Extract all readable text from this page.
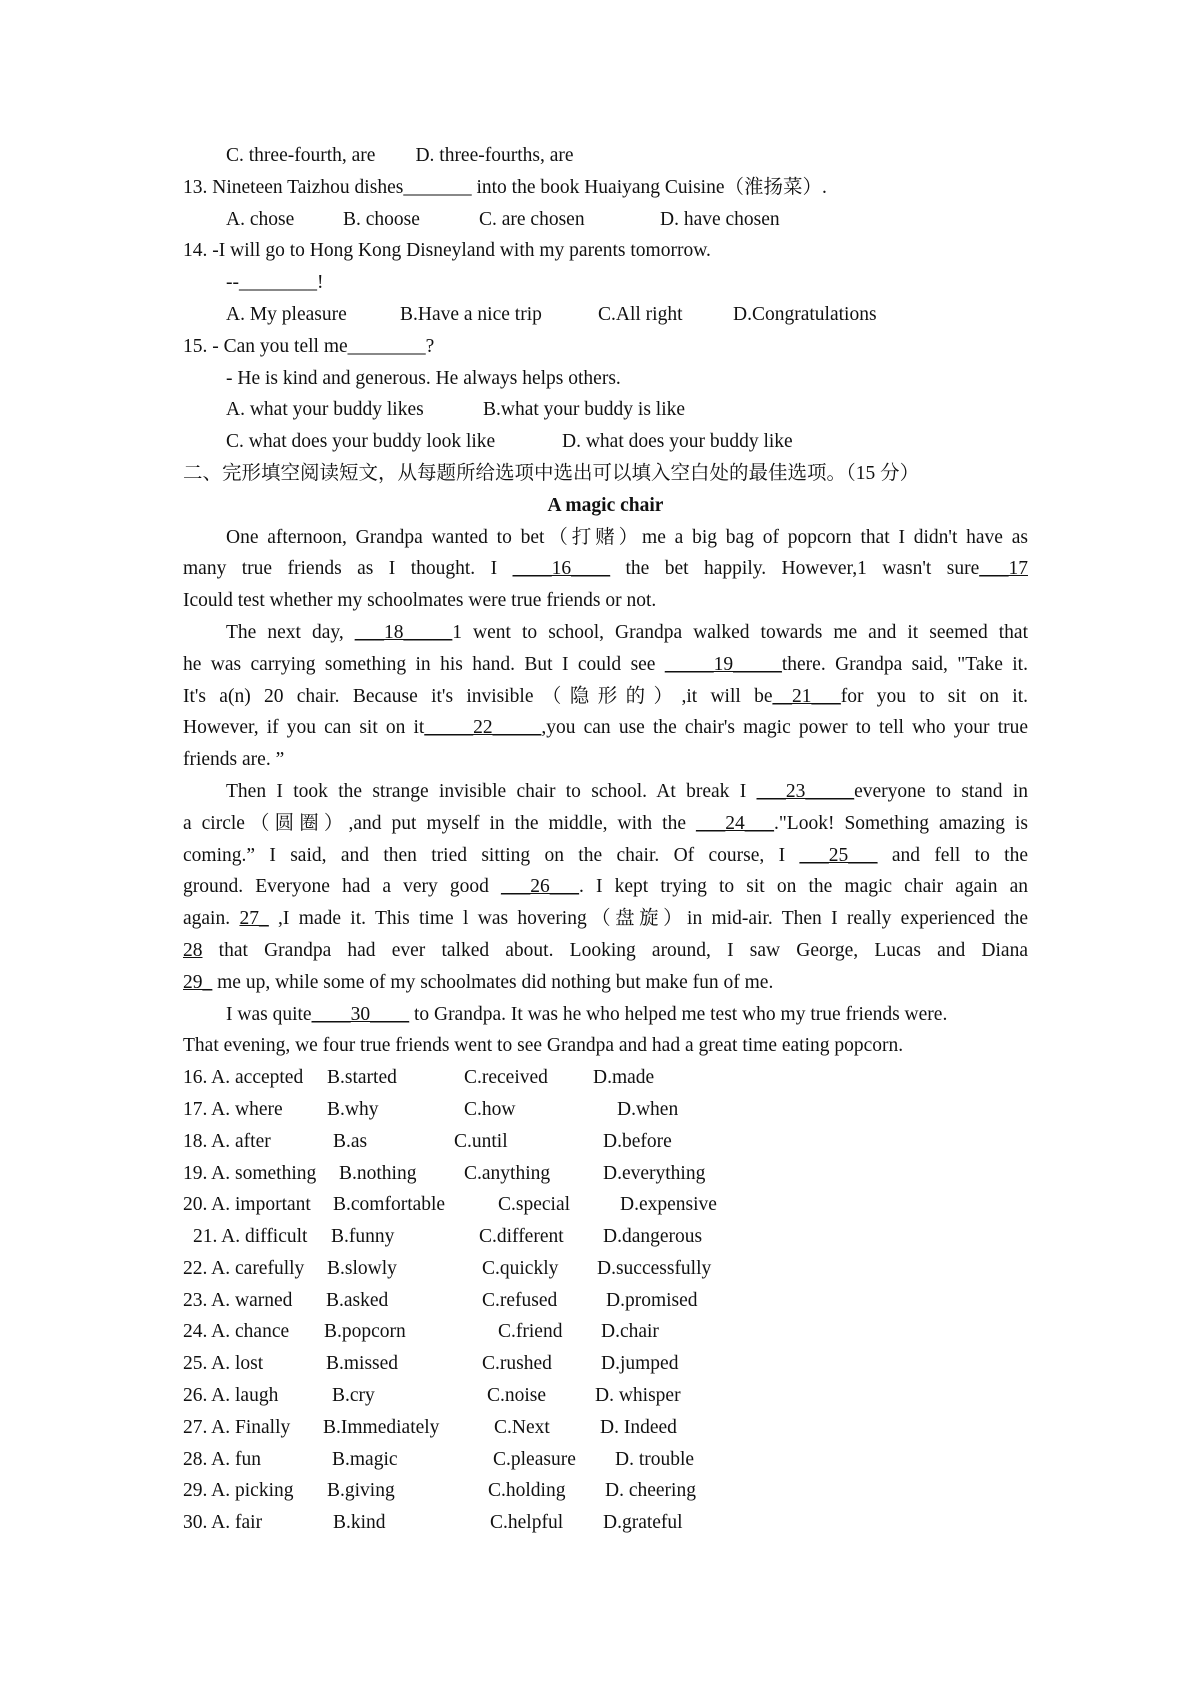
C. three-fourth, are D. three-fourths, are
13. Nineteen Taizhou dishes_______ into the book Huaiyang Cuisine（淮扬菜）.
A. chose	B. choose	C. are chosen	D. have chosen
14. -I will go to Hong Kong Disneyland with my parents tomorrow.
--________!
A. My pleasure	B.Have a nice trip	C.All right	D.Congratulations
15. - Can you tell me________?
- He is kind and generous. He always helps others.
A. what your buddy likes	B.what your buddy is like
C. what does your buddy look like	D. what does your buddy like
二、完形填空阅读短文，从每题所给选项中选出可以填入空白处的最佳选项。（15 分）
A magic chair
One afternoon, Grandpa wanted to bet（打赌）me a big bag of popcorn that I didn't have as
many true friends as I thought. I ____16____ the bet happily. However,1 wasn't sure___17
Icould test whether my schoolmates were true friends or not.
The next day, ___18_____1 went to school, Grandpa walked towards me and it seemed that
he was carrying something in his hand. But I could see _____19_____there. Grandpa said, "Take it.
It's a(n) 20 chair. Because it's invisible（隐形的）,it will be__21___for you to sit on it.
However, if you can sit on it_____22_____,you can use the chair's magic power to tell who your true
friends are. ”
Then I took the strange invisible chair to school. At break I ___23_____everyone to stand in
a circle（圆圈）,and put myself in the middle, with the ___24___."Look! Something amazing is
coming.” I said, and then tried sitting on the chair. Of course, I ___25___ and fell to the
ground. Everyone had a very good ___26___. I kept trying to sit on the magic chair again an
again. 27_ ,I made it. This time l was hovering（盘旋）in mid-air. Then I really experienced the
28 that Grandpa had ever talked about. Looking around, I saw George, Lucas and Diana
29_ me up, while some of my schoolmates did nothing but make fun of me.
I was quite____30____ to Grandpa. It was he who helped me test who my true friends were.
That evening, we four true friends went to see Grandpa and had a great time eating popcorn.
16. A. accepted B.started	C.received D.made
17. A. where B.why	C.how	D.when
18. A. after	B.as	C.until	D.before
19. A. something B.nothing C.anything	D.everything
20. A. important B.comfortable	C.special	D.expensive
21. A. difficult B.funny	C.different D.dangerous
22. A. carefully B.slowly	C.quickly D.successfully
23. A. warned B.asked	C.refused D.promised
24. A. chance B.popcorn	C.friend D.chair
25. A. lost	B.missed	C.rushed	D.jumped
26. A. laugh	B.cry	C.noise	D. whisper
27. A. Finally B.Immediately	C.Next	D. Indeed
28. A. fun	B.magic	C.pleasure D. trouble
29. A. picking B.giving	C.holding D. cheering
30. A. fair	B.kind	C.helpful D.grateful
